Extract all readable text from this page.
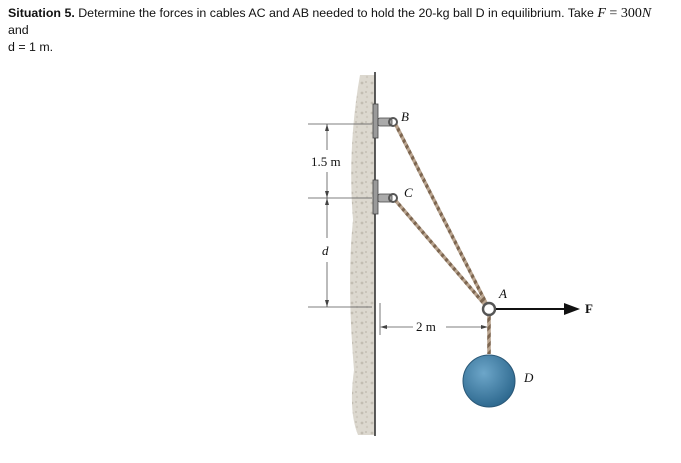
Situation 5. Determine the forces in cables AC and AB needed to hold the 20-kg ball D in equilibrium. Take F = 300N and
d = 1 m.
B
C
A
D
F
1.5 m
d
2 m
